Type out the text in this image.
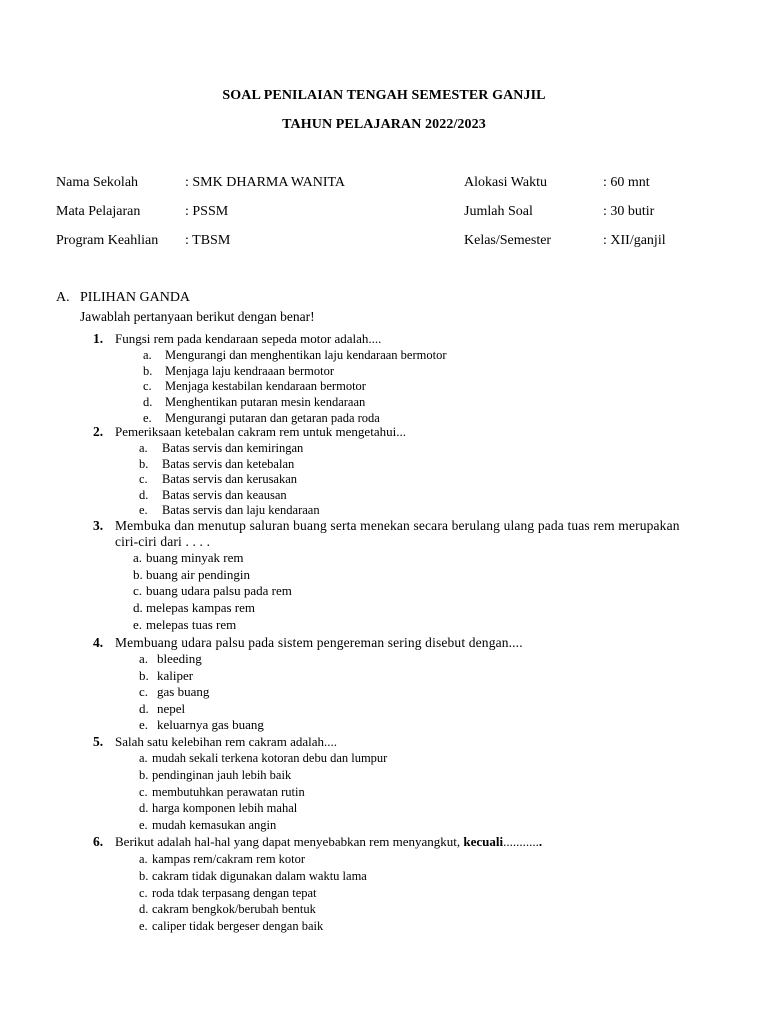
SOAL PENILAIAN TENGAH SEMESTER GANJIL
TAHUN PELAJARAN 2022/2023
Nama Sekolah	: SMK DHARMA WANITA	Alokasi Waktu	: 60 mnt
Mata Pelajaran	: PSSM	Jumlah Soal	: 30 butir
Program Keahlian : TBSM	Kelas/Semester	: XII/ganjil
A. PILIHAN GANDA
Jawablah pertanyaan berikut dengan benar!
1. Fungsi rem pada kendaraan sepeda motor adalah....
a. Mengurangi dan menghentikan laju kendaraan bermotor
b. Menjaga laju kendraaan bermotor
c. Menjaga kestabilan kendaraan bermotor
d. Menghentikan putaran mesin kendaraan
e. Mengurangi putaran dan getaran pada roda
2. Pemeriksaan ketebalan cakram rem untuk mengetahui...
a. Batas servis dan kemiringan
b. Batas servis dan ketebalan
c. Batas servis dan kerusakan
d. Batas servis dan keausan
e. Batas servis dan laju kendaraan
3. Membuka dan menutup saluran buang serta menekan secara berulang ulang pada tuas rem merupakan ciri-ciri dari . . . .
a. buang minyak rem
b. buang air pendingin
c. buang udara palsu pada rem
d. melepas kampas rem
e. melepas tuas rem
4. Membuang udara palsu pada sistem pengereman sering disebut dengan....
a. bleeding
b. kaliper
c. gas buang
d. nepel
e. keluarnya gas buang
5. Salah satu kelebihan rem cakram adalah....
a. mudah sekali terkena kotoran debu dan lumpur
b. pendinginan jauh lebih baik
c. membutuhkan perawatan rutin
d. harga komponen lebih mahal
e. mudah kemasukan angin
6. Berikut adalah hal-hal yang dapat menyebabkan rem menyangkut, kecuali............
a. kampas rem/cakram rem kotor
b. cakram tidak digunakan dalam waktu lama
c. roda tdak terpasang dengan tepat
d. cakram bengkok/berubah bentuk
e. caliper tidak bergeser dengan baik
